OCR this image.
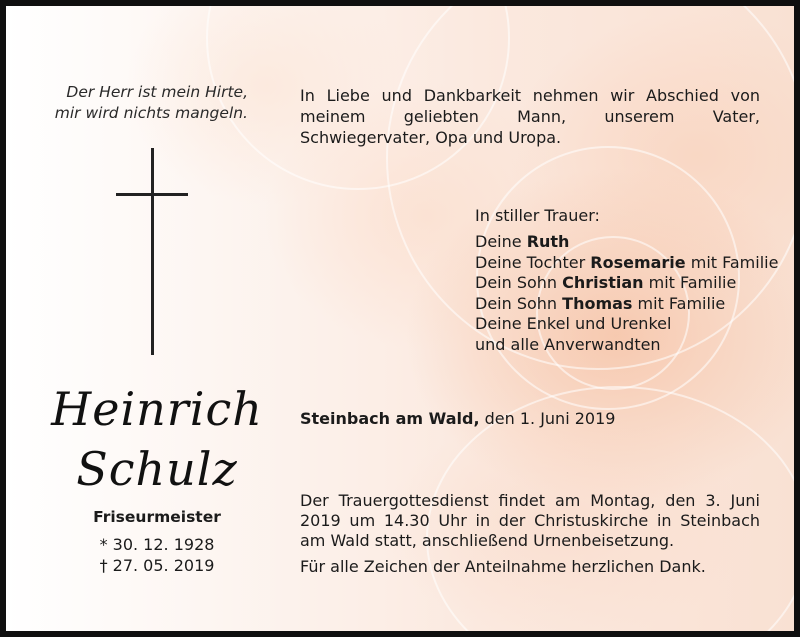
Der Herr ist mein Hirte,
mir wird nichts mangeln.
Heinrich
Schulz
Friseurmeister
* 30. 12. 1928
† 27. 05. 2019
In Liebe und Dankbarkeit nehmen wir Abschied von meinem geliebten Mann, unserem Vater, Schwiegervater, Opa und Uropa.
In stiller Trauer:
Deine Ruth
Deine Tochter Rosemarie mit Familie
Dein Sohn Christian mit Familie
Dein Sohn Thomas mit Familie
Deine Enkel und Urenkel
und alle Anverwandten
Steinbach am Wald, den 1. Juni 2019
Der Trauergottesdienst findet am Montag, den 3. Juni 2019 um 14.30 Uhr in der Christuskirche in Steinbach am Wald statt, anschließend Urnenbeisetzung.
Für alle Zeichen der Anteilnahme herzlichen Dank.
